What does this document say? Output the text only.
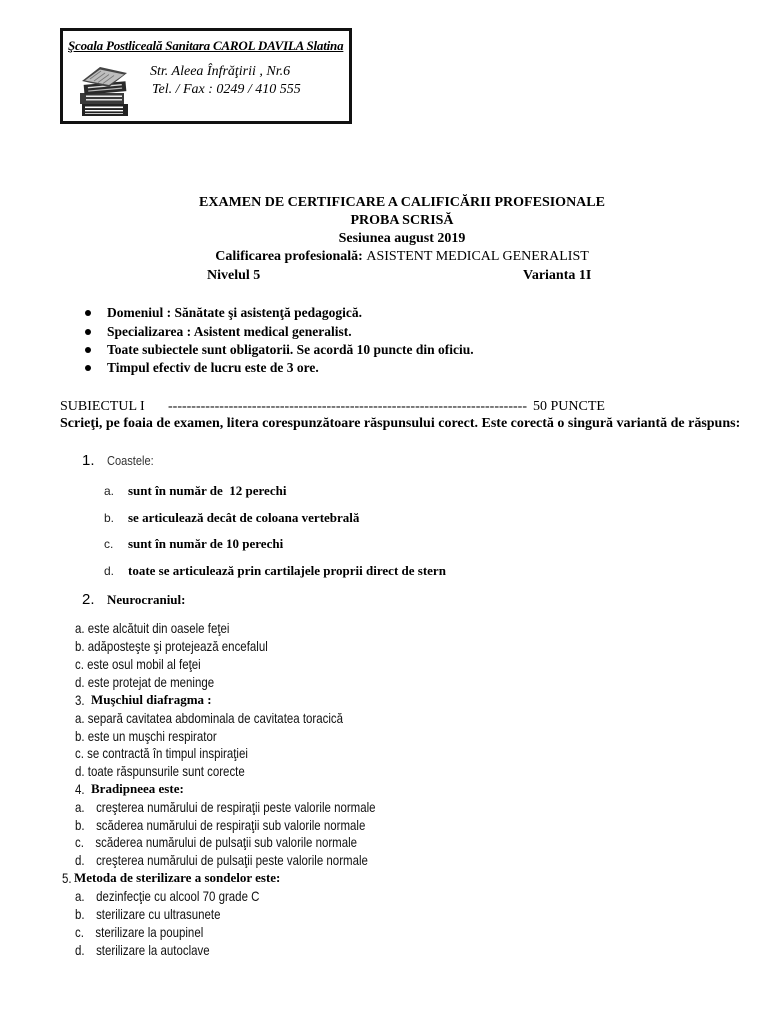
Şcoala Postliceală Sanitara CAROL DAVILA Slatina
Str. Aleea Înfrăţirii , Nr.6
Tel. / Fax : 0249 / 410 555
EXAMEN DE CERTIFICARE A CALIFICĂRII PROFESIONALE
PROBA SCRISĂ
Sesiunea august 2019
Calificarea profesională: ASISTENT MEDICAL GENERALIST
Nivelul 5	Varianta 1I
Domeniul : Sănătate şi asistenţă pedagogică.
Specializarea : Asistent medical generalist.
Toate subiectele sunt obligatorii. Se acordă 10 puncte din oficiu.
Timpul efectiv de lucru este de 3 ore.
SUBIECTUL I ----------------------------------------------------------------------------- 50 PUNCTE
Scrieţi, pe foaia de examen, litera corespunzătoare răspunsului corect. Este corectă o singură variantă de răspuns:
1. Coastele:
a. sunt în număr de  12 perechi
b. se articulează decât de coloana vertebrală
c. sunt în număr de 10 perechi
d. toate se articulează prin cartilajele proprii direct de stern
2. Neurocraniul:
a. este alcătuit din oasele feţei
b. adăposteşte şi protejează encefalul
c. este osul mobil al feţei
d. este protejat de meninge
3. Muşchiul diafragma :
a. separă cavitatea abdominala de cavitatea toracică
b. este un muşchi respirator
c. se contractă în timpul inspiraţiei
d. toate răspunsurile sunt corecte
4. Bradipneea este:
a. creşterea numărului de respiraţii peste valorile normale
b. scăderea numărului de respiraţii sub valorile normale
c. scăderea numărului de pulsaţii sub valorile normale
d. creşterea numărului de pulsaţii peste valorile normale
5. Metoda de sterilizare a sondelor este:
a. dezinfecţie cu alcool 70 grade C
b. sterilizare cu ultrasunete
c. sterilizare la poupinel
d. sterilizare la autoclave
